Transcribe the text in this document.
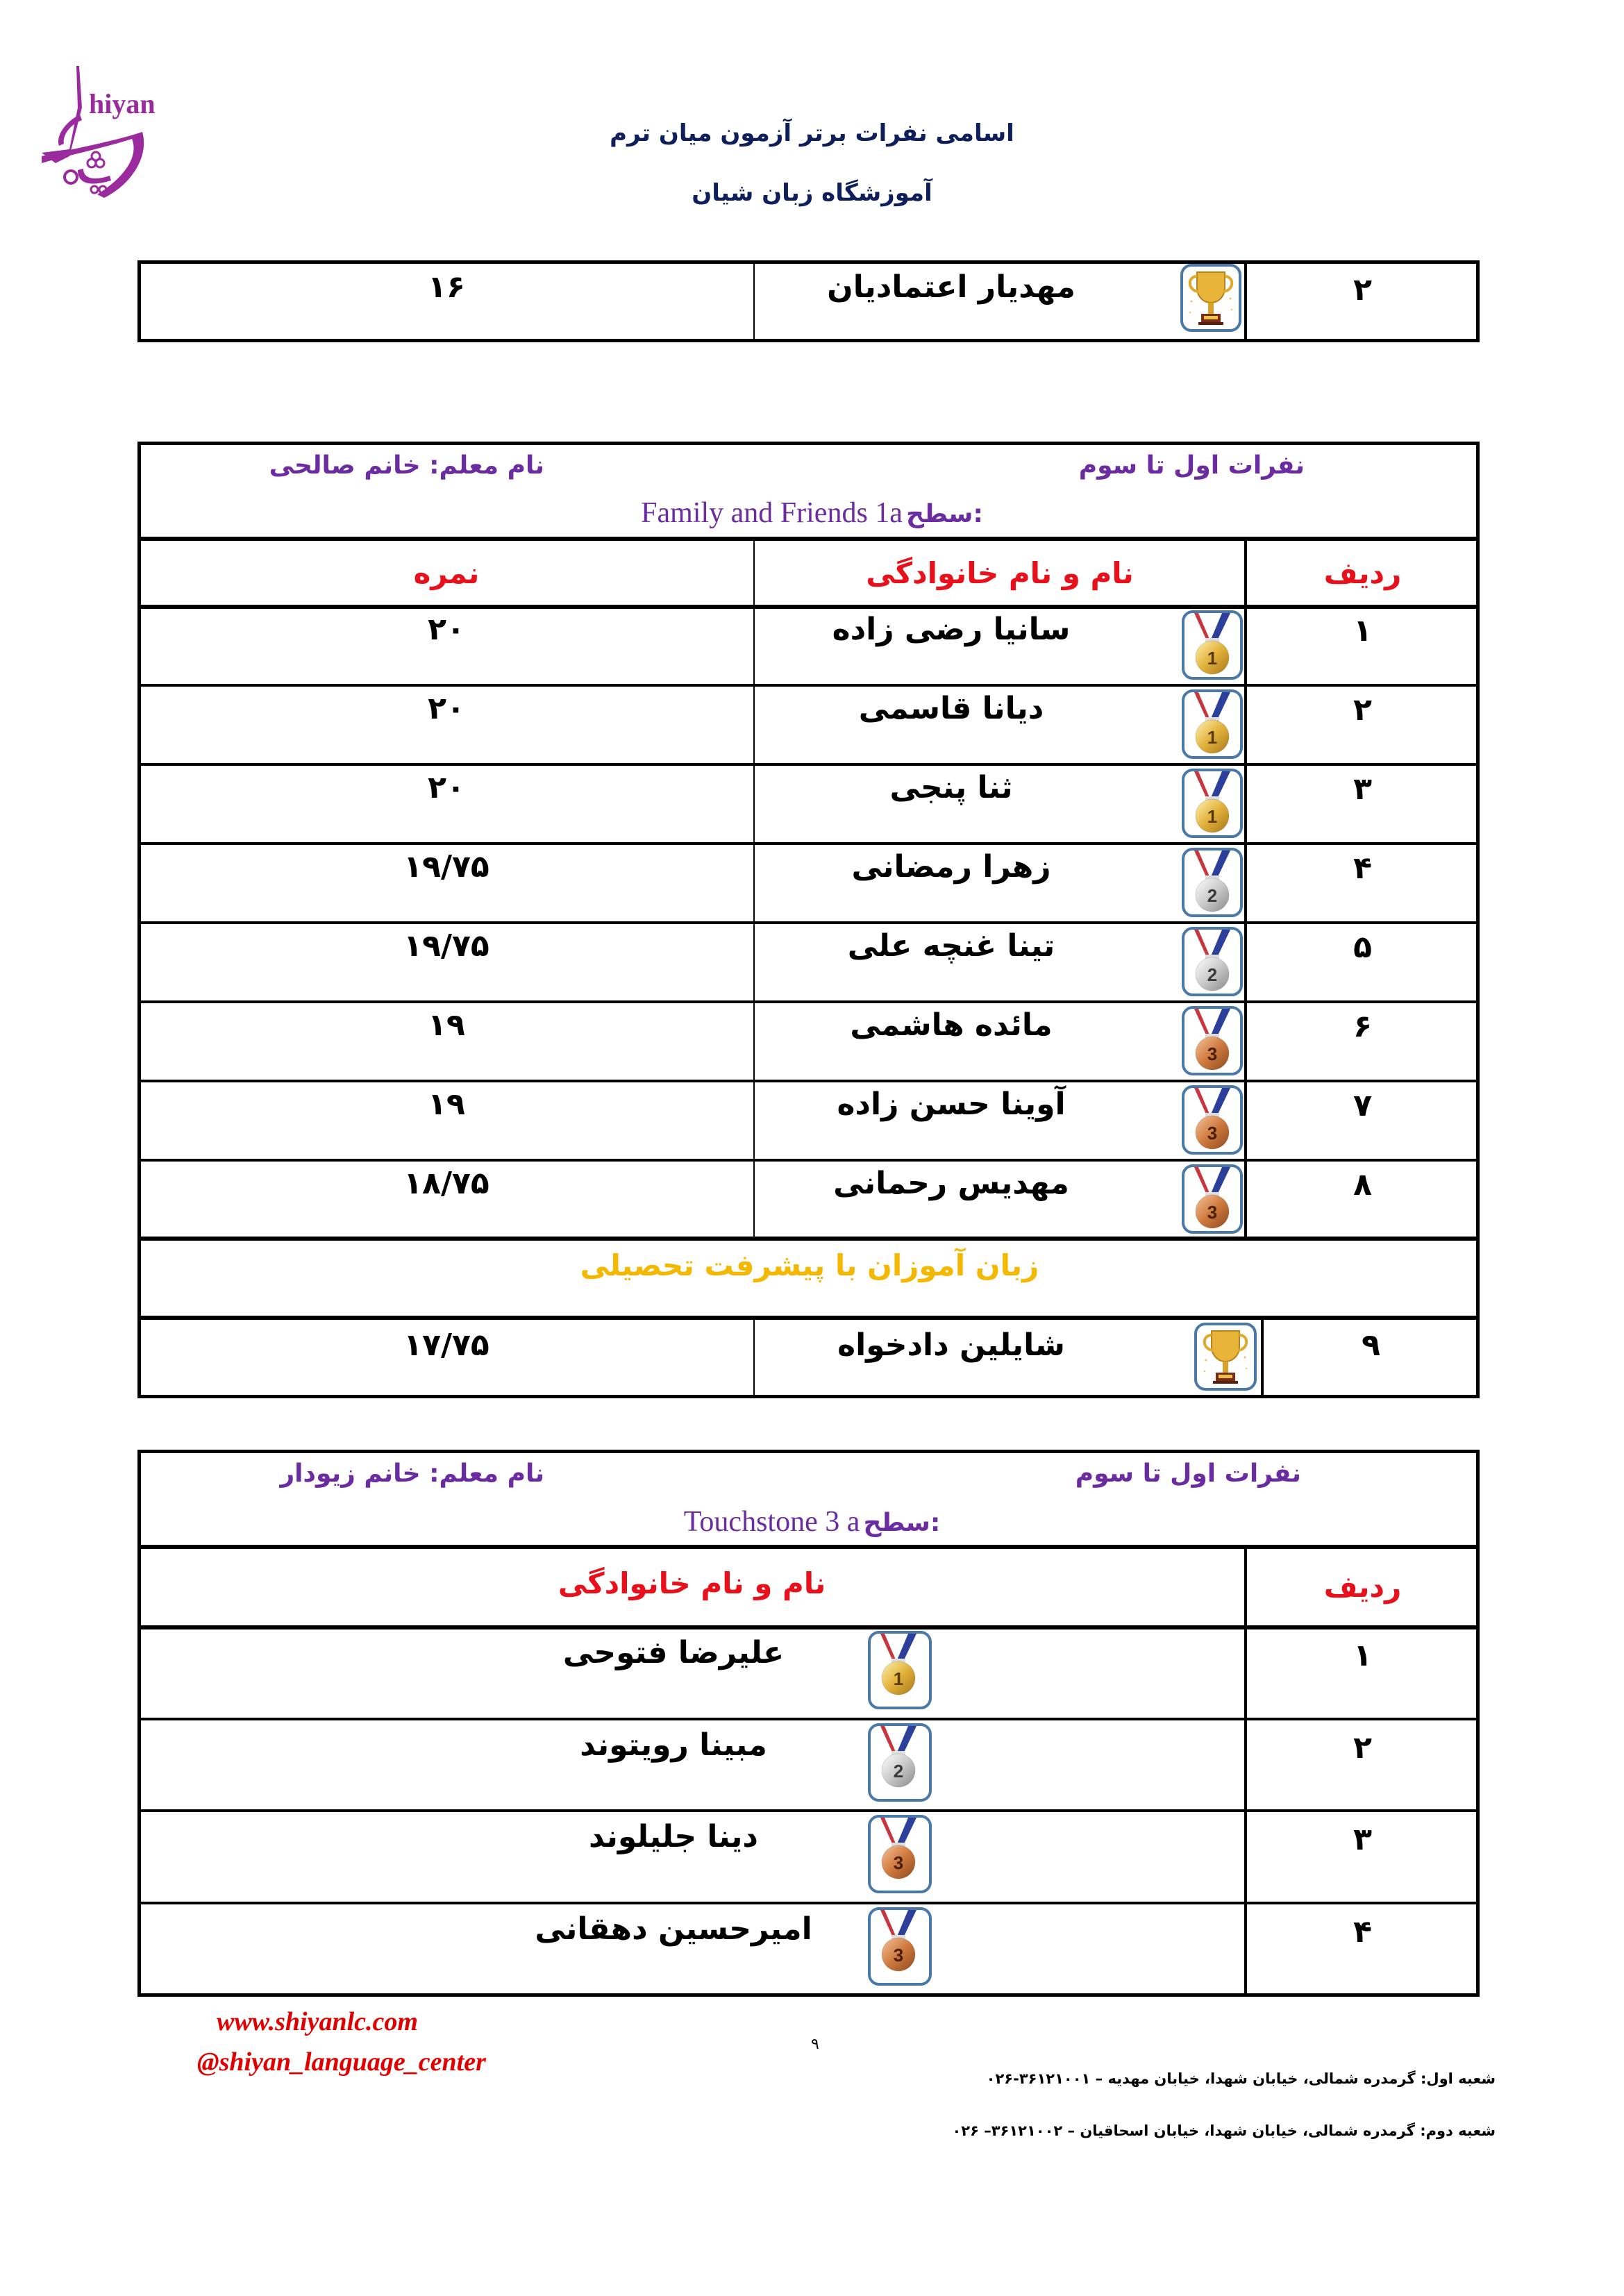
hiyan
اسامی نفرات برتر آزمون میان ترم
آموزشگاه زبان شیان
۲
مهدیار اعتمادیان
۱۶
نفرات اول تا سوم
نام معلم: خانم صالحی
Family and Friends 1a سطح:
ردیف
نام و نام خانوادگی
نمره
۱
1
سانیا رضی زاده
۲۰
۲
1
دیانا قاسمی
۲۰
۳
1
ثنا پنجی
۲۰
۴
2
زهرا رمضانی
۱۹/۷۵
۵
2
تینا غنچه علی
۱۹/۷۵
۶
3
مائده هاشمی
۱۹
۷
3
آوینا حسن زاده
۱۹
۸
3
مهدیس رحمانی
۱۸/۷۵
زبان آموزان با پیشرفت تحصیلی
۹
شایلین دادخواه
۱۷/۷۵
نفرات اول تا سوم
نام معلم: خانم زیودار
Touchstone 3 a سطح:
ردیف
نام و نام خانوادگی
۱
1
علیرضا فتوحی
۲
2
مبینا رویتوند
۳
3
دینا جلیلوند
۴
3
امیرحسین دهقانی
www.shiyanlc.com
@shiyan_language_center
۹
شعبه اول: گرمدره شمالی، خیابان شهدا، خیابان مهدیه – ۳۶۱۲۱۰۰۱-۰۲۶
شعبه دوم: گرمدره شمالی، خیابان شهدا، خیابان اسحاقیان – ۳۶۱۲۱۰۰۲– ۰۲۶
